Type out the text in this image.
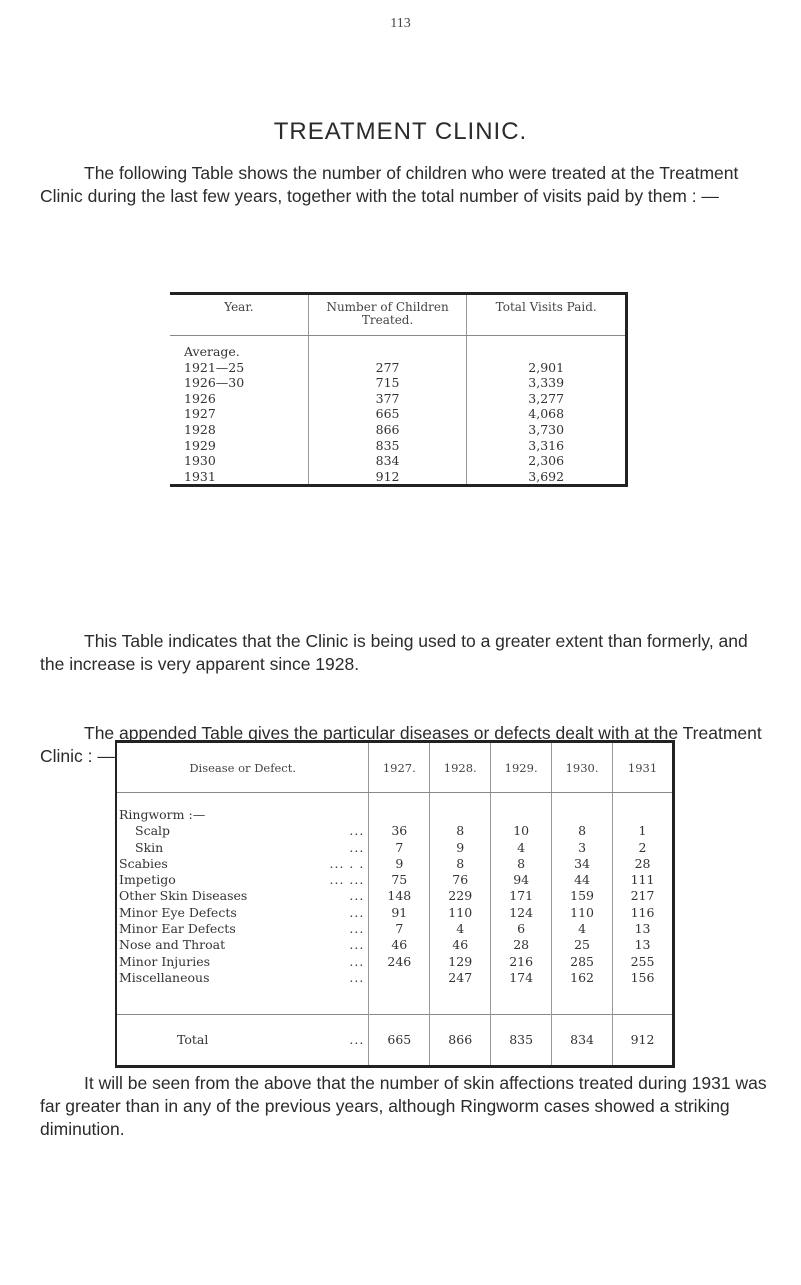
113
TREATMENT CLINIC.
The following Table shows the number of children who were treated at the Treatment Clinic during the last few years, together with the total number of visits paid by them : —
Year.	Number of Children Treated.	Total Visits Paid.
Average.		
1921—25	277	2,901
1926—30	715	3,339
1926	377	3,277
1927	665	4,068
1928	866	3,730
1929	835	3,316
1930	834	2,306
1931	912	3,692
This Table indicates that the Clinic is being used to a greater extent than formerly, and the increase is very apparent since 1928.
The appended Table gives the particular diseases or defects dealt with at the Treatment Clinic : —
Disease or Defect.	1927.	1928.	1929.	1930.	1931

Ringworm :—					
Scalp ...	36	8	10	8	1
Skin ...	7	9	4	3	2
Scabies ... . .	9	8	8	34	28
Impetigo ... ...	75	76	94	44	111
Other Skin Diseases ...	148	229	171	159	217
Minor Eye Defects ...	91	110	124	110	116
Minor Ear Defects ...	7	4	6	4	13
Nose and Throat ...	46	46	28	25	13
Minor Injuries ...	246	129	216	285	255
Miscellaneous ...		247	174	162	156

Total ...	665	866	835	834	912
It will be seen from the above that the number of skin affections treated during 1931 was far greater than in any of the previous years, although Ringworm cases showed a striking diminution.
